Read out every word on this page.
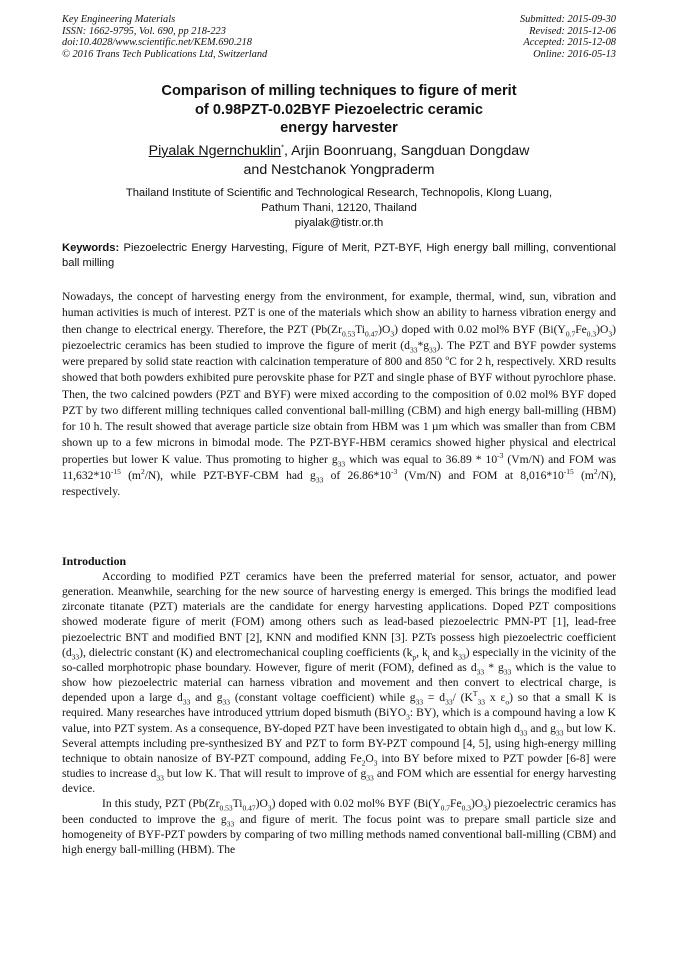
Key Engineering Materials
ISSN: 1662-9795, Vol. 690, pp 218-223
doi:10.4028/www.scientific.net/KEM.690.218
© 2016 Trans Tech Publications Ltd, Switzerland
Submitted: 2015-09-30
Revised: 2015-12-06
Accepted: 2015-12-08
Online: 2016-05-13
Comparison of milling techniques to figure of merit
of 0.98PZT-0.02BYF Piezoelectric ceramic
energy harvester
Piyalak Ngernchuklin*, Arjin Boonruang, Sangduan Dongdaw
and Nestchanok Yongpraderm
Thailand Institute of Scientific and Technological Research, Technopolis, Klong Luang,
Pathum Thani, 12120, Thailand
piyalak@tistr.or.th
Keywords: Piezoelectric Energy Harvesting, Figure of Merit, PZT-BYF, High energy ball milling, conventional ball milling
Nowadays, the concept of harvesting energy from the environment, for example, thermal, wind, sun, vibration and human activities is much of interest. PZT is one of the materials which show an ability to harness vibration energy and then change to electrical energy. Therefore, the PZT $(Pb(Zr_{0.53}Ti_{0.47})O_3)$ doped with 0.02 mol% BYF $(Bi(Y_{0.7}Fe_{0.3})O_3)$ piezoelectric ceramics has been studied to improve the figure of merit $(d_{33}*g_{33})$. The PZT and BYF powder systems were prepared by solid state reaction with calcination temperature of 800 and 850 $^o$C for 2 h, respectively. XRD results showed that both powders exhibited pure perovskite phase for PZT and single phase of BYF without pyrochlore phase. Then, the two calcined powders (PZT and BYF) were mixed according to the composition of 0.02 mol% BYF doped PZT by two different milling techniques called conventional ball-milling (CBM) and high energy ball-milling (HBM) for 10 h. The result showed that average particle size obtain from HBM was 1 µm which was smaller than from CBM shown up to a few microns in bimodal mode. The PZT-BYF-HBM ceramics showed higher physical and electrical properties but lower K value. Thus promoting to higher $g_{33}$ which was equal to $36.89 * 10^{-3}$ (Vm/N) and FOM was $11,632*10^{-15}$ $(m^2/N)$, while PZT-BYF-CBM had $g_{33}$ of $26.86*10^{-3}$ (Vm/N) and FOM at $8,016*10^{-15}$ $(m^2/N)$, respectively.
Introduction

According to modified PZT ceramics have been the preferred material for sensor, actuator, and power generation. Meanwhile, searching for the new source of harvesting energy is emerged. This brings the modified lead zirconate titanate (PZT) materials are the candidate for energy harvesting applications. Doped PZT compositions showed moderate figure of merit (FOM) among others such as lead-based piezoelectric PMN-PT [1], lead-free piezoelectric BNT and modified BNT [2], KNN and modified KNN [3]. PZTs possess high piezoelectric coefficient $(d_{33})$, dielectric constant (K) and electromechanical coupling coefficients ($k_p$, $k_t$ and $k_{33}$) especially in the vicinity of the so-called morphotropic phase boundary. However, figure of merit (FOM), defined as $d_{33} * g_{33}$ which is the value to show how piezoelectric material can harness vibration and movement and then convert to electrical charge, is depended upon a large $d_{33}$ and $g_{33}$ (constant voltage coefficient) while $g_{33} = d_{33}/$ ($K^T_{33}$ x $\varepsilon_o$) so that a small K is required. Many researches have introduced yttrium doped bismuth (BiYO$_3$: BY), which is a compound having a low K value, into PZT system. As a consequence, BY-doped PZT have been investigated to obtain high $d_{33}$ and $g_{33}$ but low K. Several attempts including pre-synthesized BY and PZT to form BY-PZT compound [4, 5], using high-energy milling technique to obtain nanosize of BY-PZT compound, adding $Fe_2O_3$ into BY before mixed to PZT powder [6-8] were studies to increase $d_{33}$ but low K. That will result to improve of $g_{33}$ and FOM which are essential for energy harvesting device.

In this study, PZT $(Pb(Zr_{0.53}Ti_{0.47})O_3)$ doped with 0.02 mol% BYF $(Bi(Y_{0.7}Fe_{0.3})O_3)$ piezoelectric ceramics has been conducted to improve the $g_{33}$ and figure of merit. The focus point was to prepare small particle size and homogeneity of BYF-PZT powders by comparing of two milling methods named conventional ball-milling (CBM) and high energy ball-milling (HBM). The
